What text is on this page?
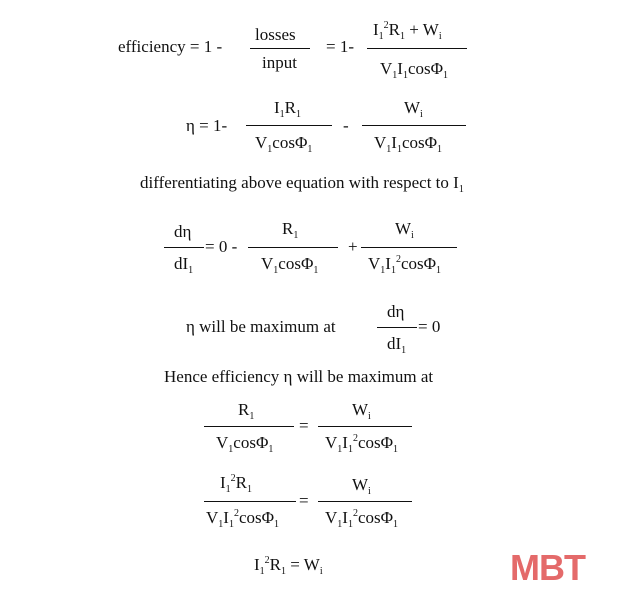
efficiency = 1 -
losses
input
= 1-
$I_1^2R_1 + W_i$
$V_1I_1\cos\Phi_1$
η = 1-
$I_1R_1$
$V_1\cos\Phi_1$
-
$W_i$
$V_1I_1\cos\Phi_1$
differentiating above equation with respect to $I_1$
dη
$dI_1$
= 0 -
$R_1$
$V_1\cos\Phi_1$
+
$W_i$
$V_1I_1^2\cos\Phi_1$
η will be maximum at
dη
$dI_1$
= 0
Hence efficiency η will be maximum at
$R_1$
$V_1\cos\Phi_1$
=
$W_i$
$V_1I_1^2\cos\Phi_1$
$I_1^2R_1$
$V_1I_1^2\cos\Phi_1$
=
$W_i$
$V_1I_1^2\cos\Phi_1$
$I_1^2R_1 = W_i$	MBT
